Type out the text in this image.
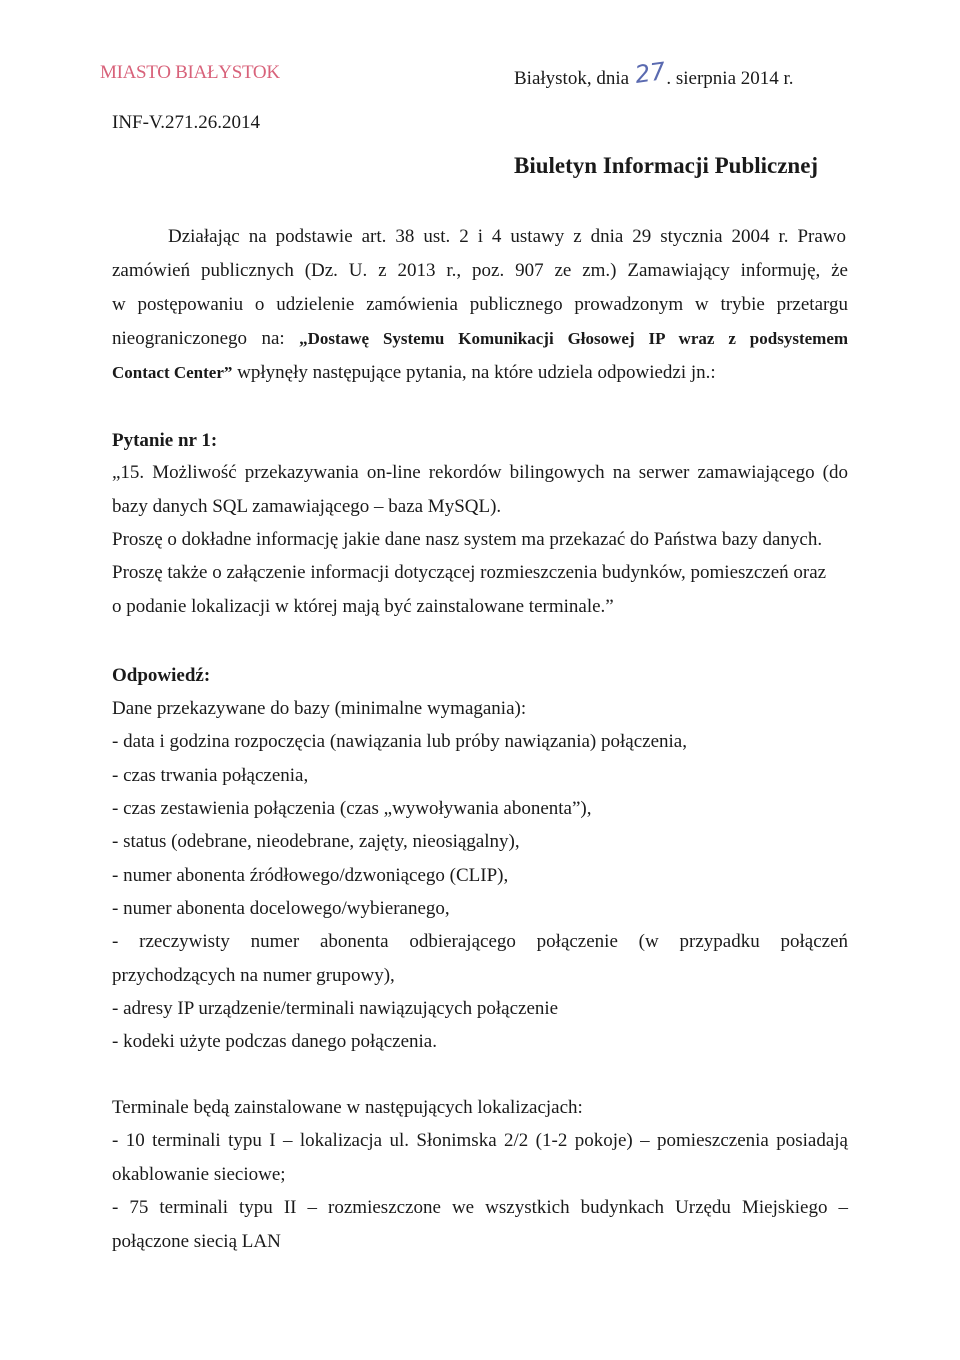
MIASTO BIAŁYSTOK	Białystok, dnia 27. sierpnia 2014 r.
INF-V.271.26.2014
Biuletyn Informacji Publicznej
Działając na podstawie art. 38 ust. 2 i 4 ustawy z dnia 29 stycznia 2004 r. Prawo
zamówień publicznych (Dz. U. z 2013 r., poz. 907 ze zm.) Zamawiający informuję, że
w postępowaniu o udzielenie zamówienia publicznego prowadzonym w trybie przetargu
nieograniczonego na: „Dostawę Systemu Komunikacji Głosowej IP wraz z podsystemem
Contact Center” wpłynęły następujące pytania, na które udziela odpowiedzi jn.:
Pytanie nr 1:
„15. Możliwość przekazywania on-line rekordów bilingowych na serwer zamawiającego (do
bazy danych SQL zamawiającego – baza MySQL).
Proszę o dokładne informację jakie dane nasz system ma przekazać do Państwa bazy danych.
Proszę także o załączenie informacji dotyczącej rozmieszczenia budynków, pomieszczeń oraz
o podanie lokalizacji w której mają być zainstalowane terminale.”
Odpowiedź:
Dane przekazywane do bazy (minimalne wymagania):
- data i godzina rozpoczęcia (nawiązania lub próby nawiązania) połączenia,
- czas trwania połączenia,
- czas zestawienia połączenia (czas „wywoływania abonenta”),
- status (odebrane, nieodebrane, zajęty, nieosiągalny),
- numer abonenta źródłowego/dzwoniącego (CLIP),
- numer abonenta docelowego/wybieranego,
- rzeczywisty numer abonenta odbierającego połączenie (w przypadku połączeń
przychodzących na numer grupowy),
- adresy IP urządzenie/terminali nawiązujących połączenie
- kodeki użyte podczas danego połączenia.
Terminale będą zainstalowane w następujących lokalizacjach:
- 10 terminali typu I – lokalizacja ul. Słonimska 2/2 (1-2 pokoje) – pomieszczenia posiadają
okablowanie sieciowe;
- 75 terminali typu II – rozmieszczone we wszystkich budynkach Urzędu Miejskiego –
połączone siecią LAN
